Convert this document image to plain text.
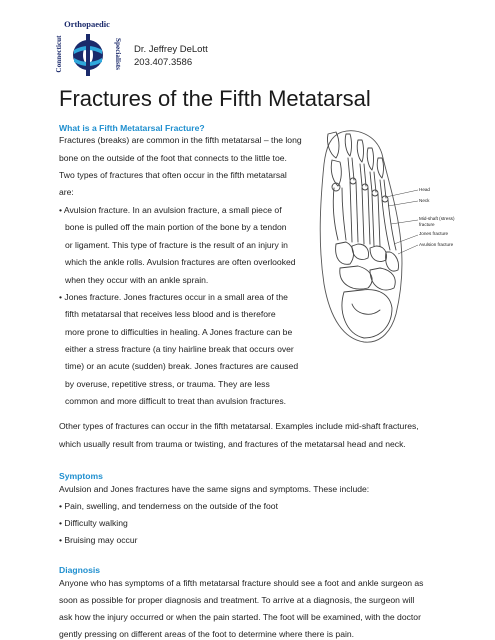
Orthopaedic
Connecticut	Specialists Dr. Jeffrey DeLott
203.407.3586
Fractures of the Fifth Metatarsal
What is a Fifth Metatarsal Fracture?
Fractures (breaks) are common in the fifth metatarsal – the long
bone on the outside of the foot that connects to the little toe.
Two types of fractures that often occur in the fifth metatarsal
are:
• Avulsion fracture. In an avulsion fracture, a small piece of
bone is pulled off the main portion of the bone by a tendon
or ligament. This type of fracture is the result of an injury in
which the ankle rolls. Avulsion fractures are often overlooked
when they occur with an ankle sprain.
• Jones fracture. Jones fractures occur in a small area of the
fifth metatarsal that receives less blood and is therefore
more prone to difficulties in healing. A Jones fracture can be
either a stress fracture (a tiny hairline break that occurs over
time) or an acute (sudden) break. Jones fractures are caused
by overuse, repetitive stress, or trauma. They are less
common and more difficult to treat than avulsion fractures.
Head
Neck
Mid-shaft (stress)
fracture
Jones fracture
Avulsion fracture
Other types of fractures can occur in the fifth metatarsal. Examples include mid-shaft fractures,
which usually result from trauma or twisting, and fractures of the metatarsal head and neck.
Symptoms
Avulsion and Jones fractures have the same signs and symptoms. These include:
• Pain, swelling, and tenderness on the outside of the foot
• Difficulty walking
• Bruising may occur
Diagnosis
Anyone who has symptoms of a fifth metatarsal fracture should see a foot and ankle surgeon as
soon as possible for proper diagnosis and treatment. To arrive at a diagnosis, the surgeon will
ask how the injury occurred or when the pain started. The foot will be examined, with the doctor
gently pressing on different areas of the foot to determine where there is pain.
